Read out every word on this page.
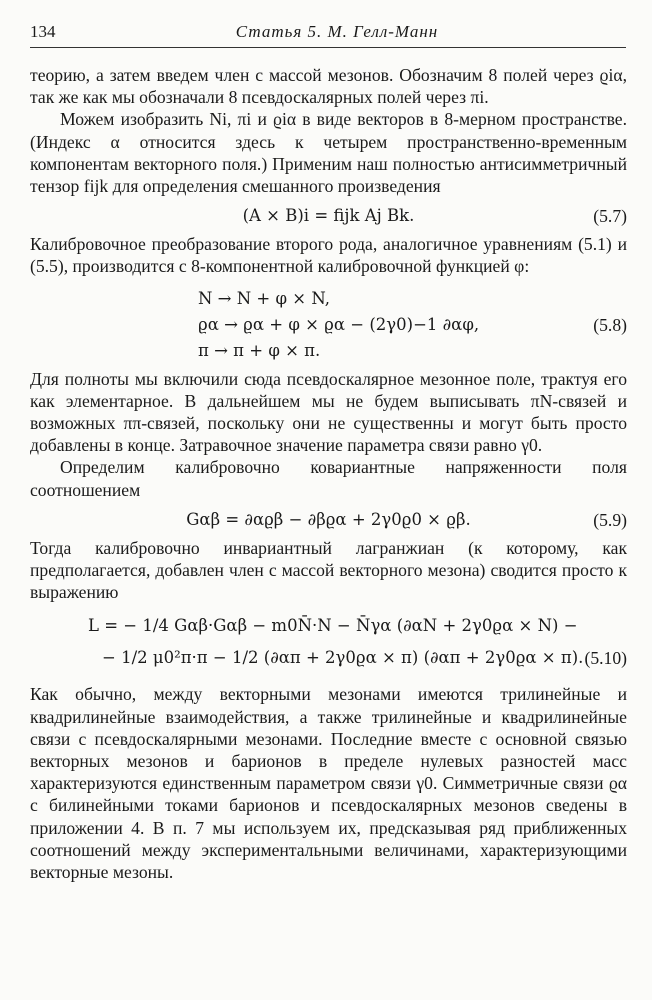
134	Статья 5. М. Гелл-Манн

теорию, а затем введем член с массой мезонов. Обозначим 8 полей через ϱiα, так же как мы обозначали 8 псевдоскалярных полей через πi.

Можем изобразить Ni, πi и ϱiα в виде векторов в 8-мерном пространстве. (Индекс α относится здесь к четырем пространственно-временным компонентам векторного поля.) Применим наш полностью антисимметричный тензор fijk для определения смешанного произведения

(A × B)i = fijk Aj Bk.	(5.7)

Калибровочное преобразование второго рода, аналогичное уравнениям (5.1) и (5.5), производится с 8-компонентной калибровочной функцией φ:

N → N + φ × N,
ϱα → ϱα + φ × ϱα − (2γ0)−1 ∂αφ,	(5.8)
π → π + φ × π.

Для полноты мы включили сюда псевдоскалярное мезонное поле, трактуя его как элементарное. В дальнейшем мы не будем выписывать πN-связей и возможных ππ-связей, поскольку они не существенны и могут быть просто добавлены в конце. Затравочное значение параметра связи равно γ0.

Определим калибровочно ковариантные напряженности поля соотношением

Gαβ = ∂αϱβ − ∂βϱα + 2γ0ϱ0 × ϱβ.	(5.9)

Тогда калибровочно инвариантный лагранжиан (к которому, как предполагается, добавлен член с массой векторного мезона) сводится просто к выражению

L = − 1/4 Gαβ·Gαβ − m0N̄·N − N̄γα (∂αN + 2γ0ϱα × N) −
− 1/2 μ0²π·π − 1/2 (∂απ + 2γ0ϱα × π) (∂απ + 2γ0ϱα × π). (5.10)

Как обычно, между векторными мезонами имеются трилинейные и квадрилинейные взаимодействия, а также трилинейные и квадрилинейные связи с псевдоскалярными мезонами. Последние вместе с основной связью векторных мезонов и барионов в пределе нулевых разностей масс характеризуются единственным параметром связи γ0. Симметричные связи ϱα с билинейными токами барионов и псевдоскалярных мезонов сведены в приложении 4. В п. 7 мы используем их, предсказывая ряд приближенных соотношений между экспериментальными величинами, характеризующими векторные мезоны.
